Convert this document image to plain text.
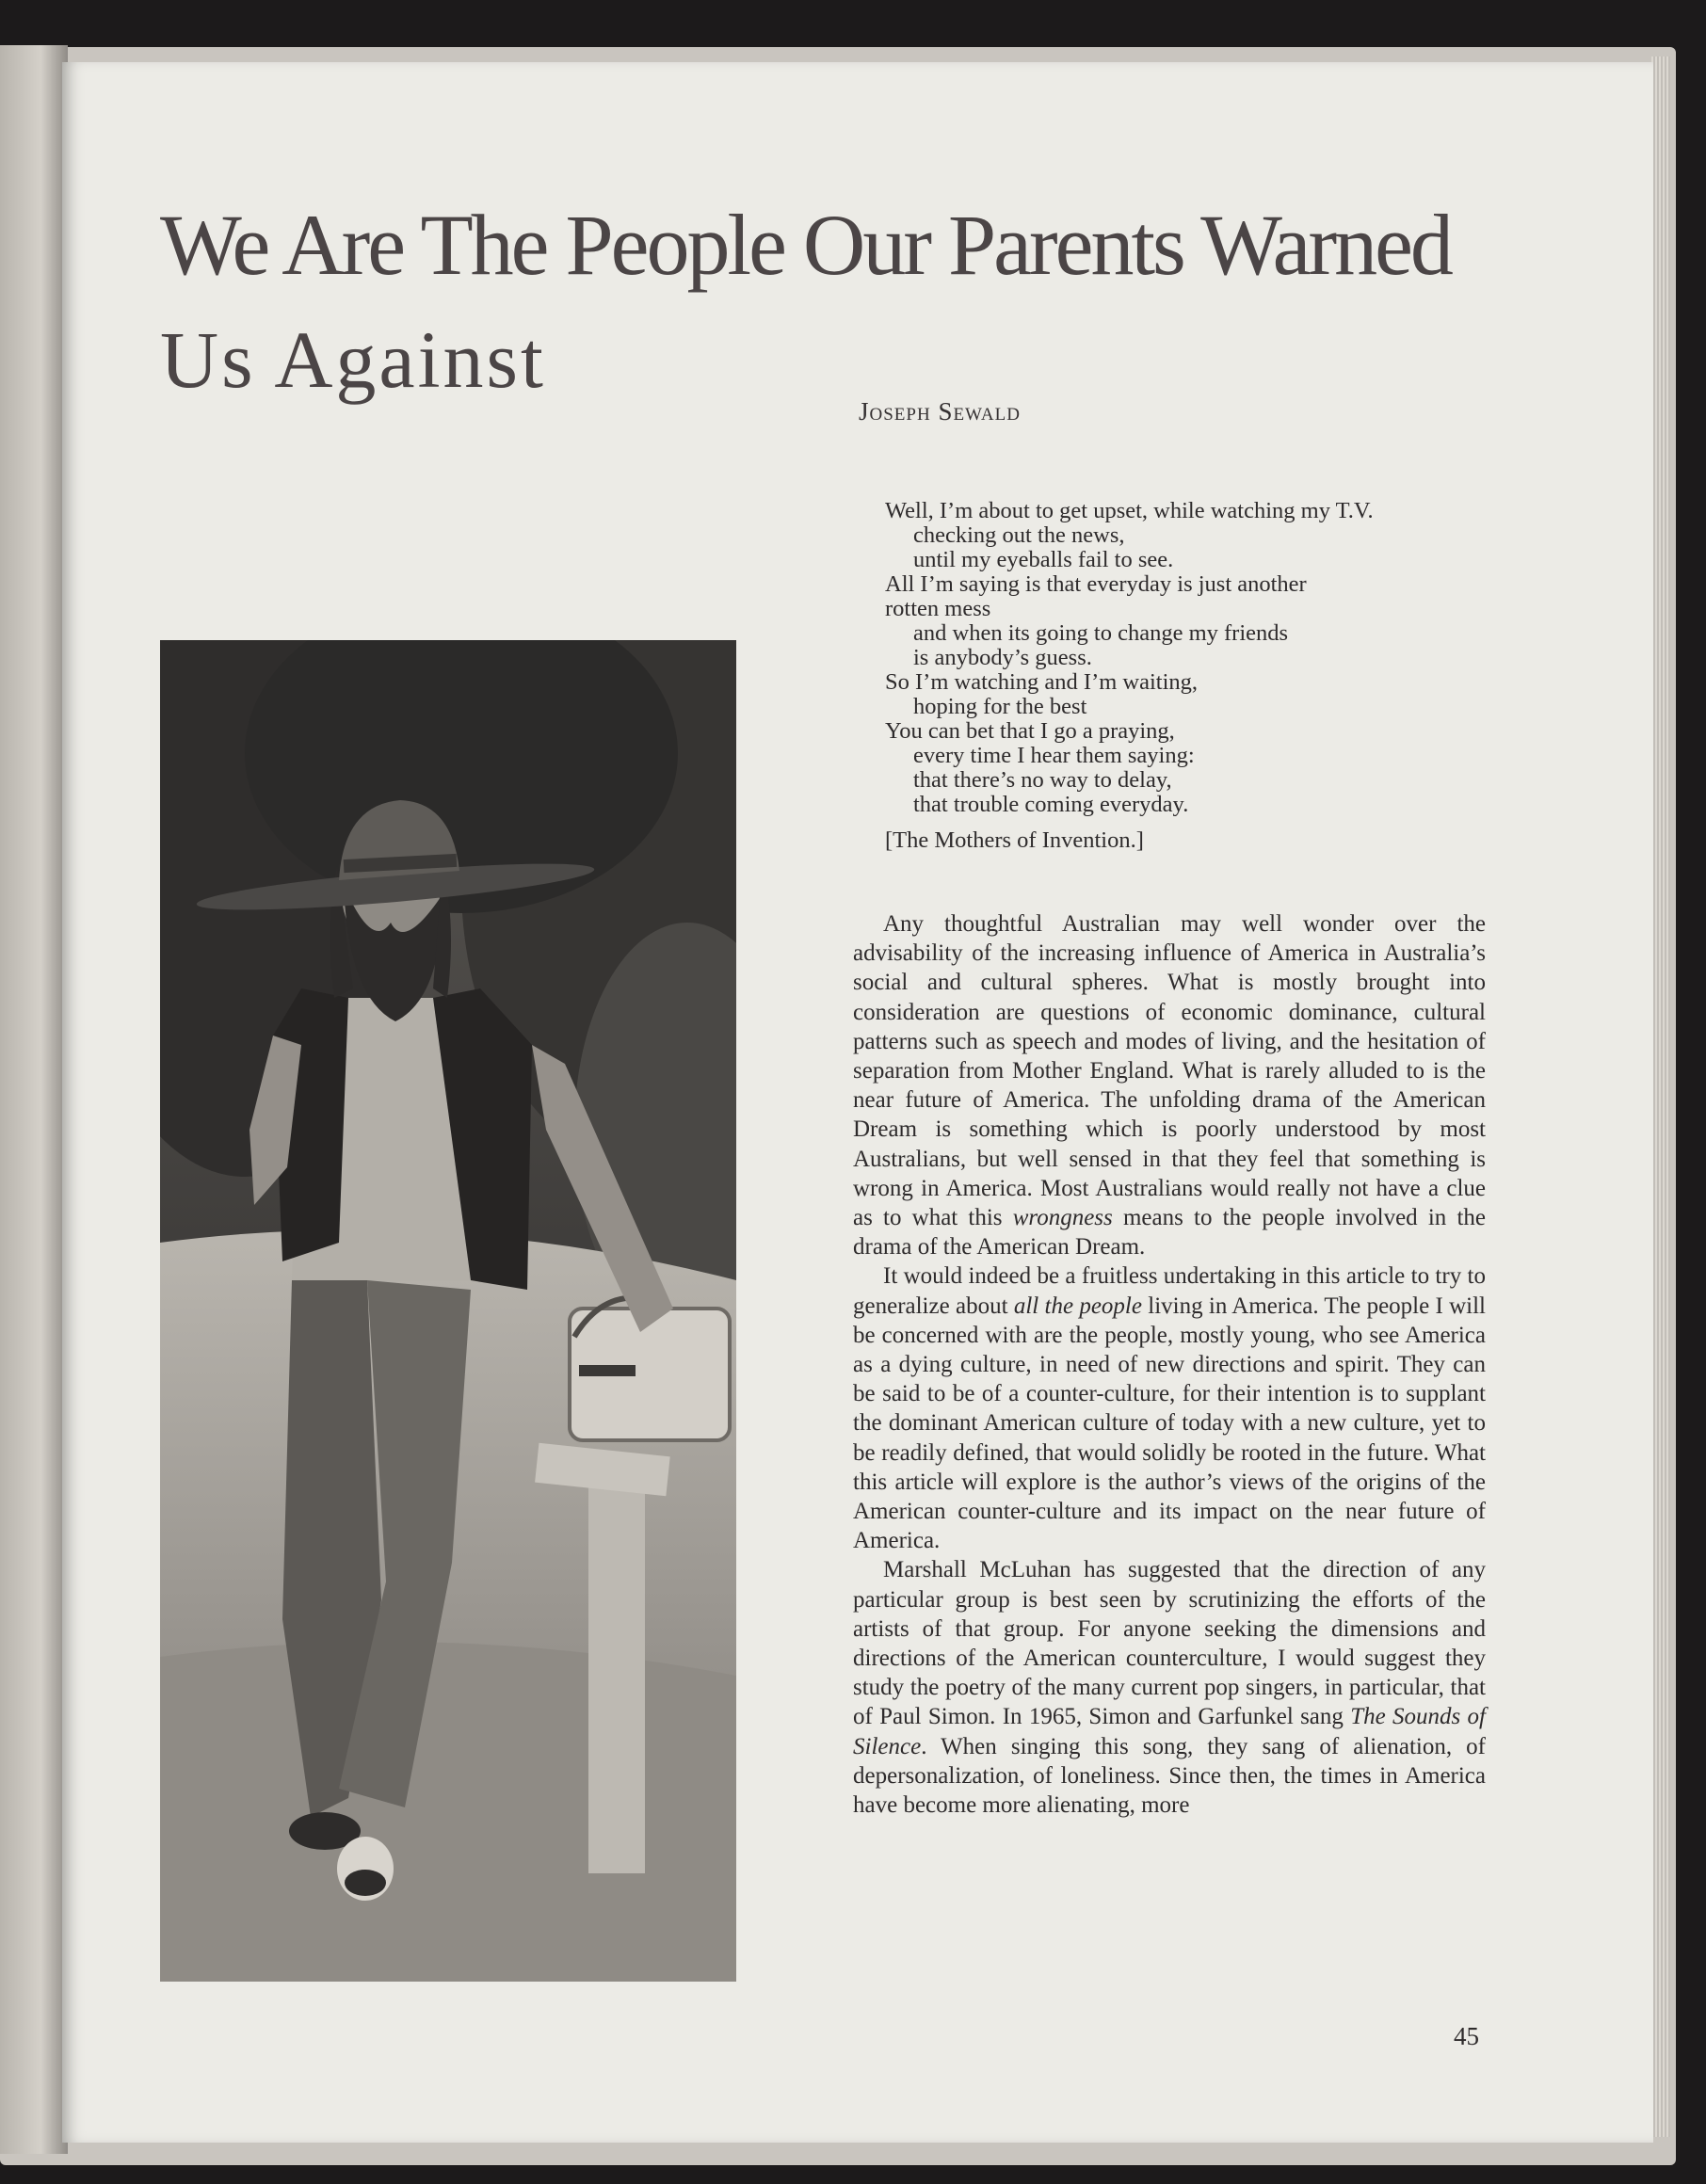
We Are The People Our Parents Warned
Us Against
Joseph Sewald
Well, I’m about to get upset, while watching my T.V.
checking out the news,
until my eyeballs fail to see.
All I’m saying is that everyday is just another
rotten mess
and when its going to change my friends
is anybody’s guess.
So I’m watching and I’m waiting,
hoping for the best
You can bet that I go a praying,
every time I hear them saying:
that there’s no way to delay,
that trouble coming everyday.
[The Mothers of Invention.]

Any thoughtful Australian may well wonder over the advisability of the increasing influence of America in Australia’s social and cultural spheres. What is mostly brought into consideration are questions of economic dominance, cultural patterns such as speech and modes of living, and the hesitation of separation from Mother England. What is rarely alluded to is the near future of America. The unfolding drama of the American Dream is something which is poorly understood by most Australians, but well sensed in that they feel that something is wrong in America. Most Australians would really not have a clue as to what this wrongness means to the people involved in the drama of the American Dream.

It would indeed be a fruitless undertaking in this article to try to generalize about all the people living in America. The people I will be concerned with are the people, mostly young, who see America as a dying culture, in need of new directions and spirit. They can be said to be of a counter-culture, for their intention is to supplant the dominant American culture of today with a new culture, yet to be readily defined, that would solidly be rooted in the future. What this article will explore is the author’s views of the origins of the American counter-culture and its impact on the near future of America.

Marshall McLuhan has suggested that the direction of any particular group is best seen by scrutinizing the efforts of the artists of that group. For anyone seeking the dimensions and directions of the American counterculture, I would suggest they study the poetry of the many current pop singers, in particular, that of Paul Simon. In 1965, Simon and Garfunkel sang The Sounds of Silence. When singing this song, they sang of alienation, of depersonalization, of loneliness. Since then, the times in America have become more alienating, more

45
